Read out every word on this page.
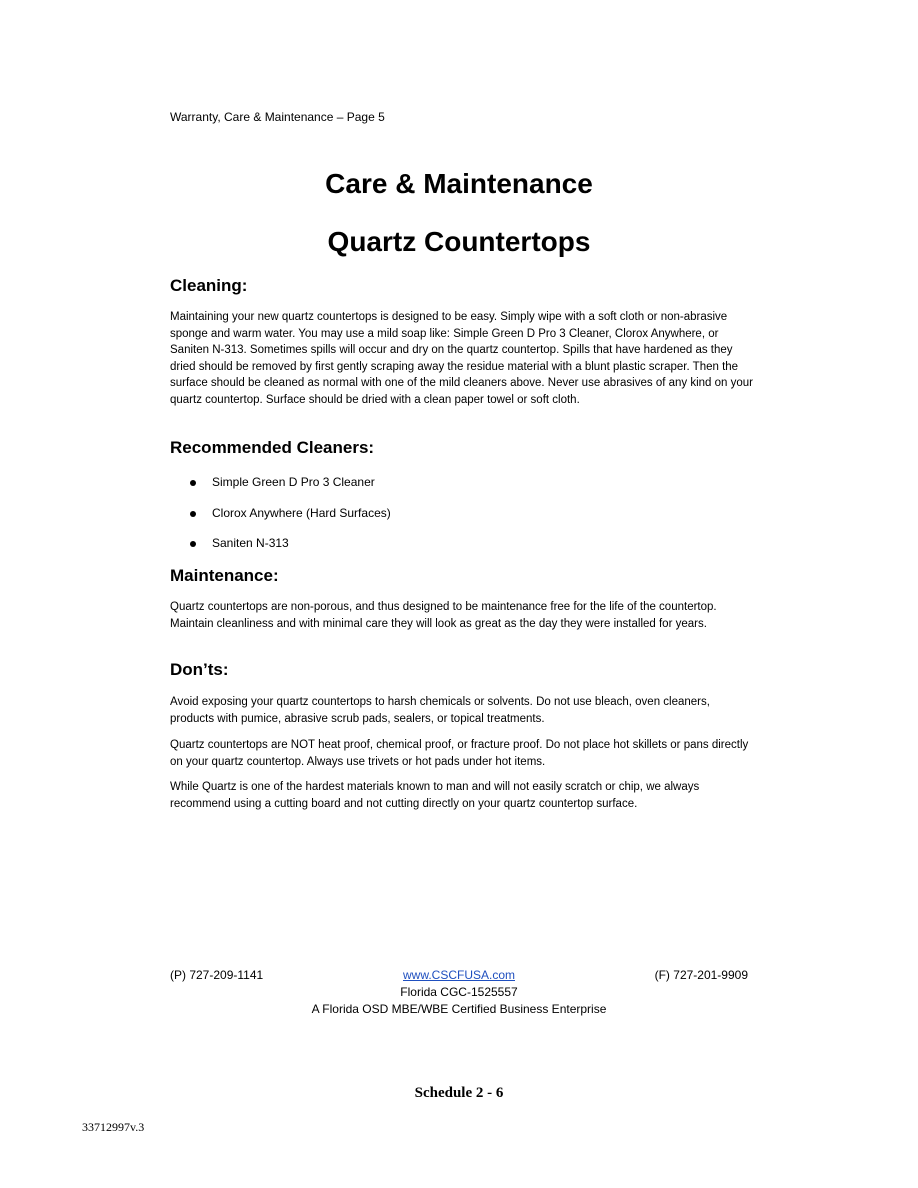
Warranty, Care & Maintenance – Page 5
Care & Maintenance
Quartz Countertops
Cleaning:

Maintaining your new quartz countertops is designed to be easy. Simply wipe with a soft cloth or non-abrasive sponge and warm water. You may use a mild soap like: Simple Green D Pro 3 Cleaner, Clorox Anywhere, or Saniten N-313. Sometimes spills will occur and dry on the quartz countertop. Spills that have hardened as they dried should be removed by first gently scraping away the residue material with a blunt plastic scraper. Then the surface should be cleaned as normal with one of the mild cleaners above. Never use abrasives of any kind on your quartz countertop. Surface should be dried with a clean paper towel or soft cloth.

Recommended Cleaners:
Simple Green D Pro 3 Cleaner
Clorox Anywhere (Hard Surfaces)
Saniten N-313
Maintenance:

Quartz countertops are non-porous, and thus designed to be maintenance free for the life of the countertop. Maintain cleanliness and with minimal care they will look as great as the day they were installed for years.

Don’ts:

Avoid exposing your quartz countertops to harsh chemicals or solvents. Do not use bleach, oven cleaners, products with pumice, abrasive scrub pads, sealers, or topical treatments.

Quartz countertops are NOT heat proof, chemical proof, or fracture proof. Do not place hot skillets or pans directly on your quartz countertop. Always use trivets or hot pads under hot items.

While Quartz is one of the hardest materials known to man and will not easily scratch or chip, we always recommend using a cutting board and not cutting directly on your quartz countertop surface.

(P) 727-209-1141	www.CSCFUSA.com	(F) 727-201-9909
Florida CGC-1525557
A Florida OSD MBE/WBE Certified Business Enterprise
Schedule 2 - 6
33712997v.3
